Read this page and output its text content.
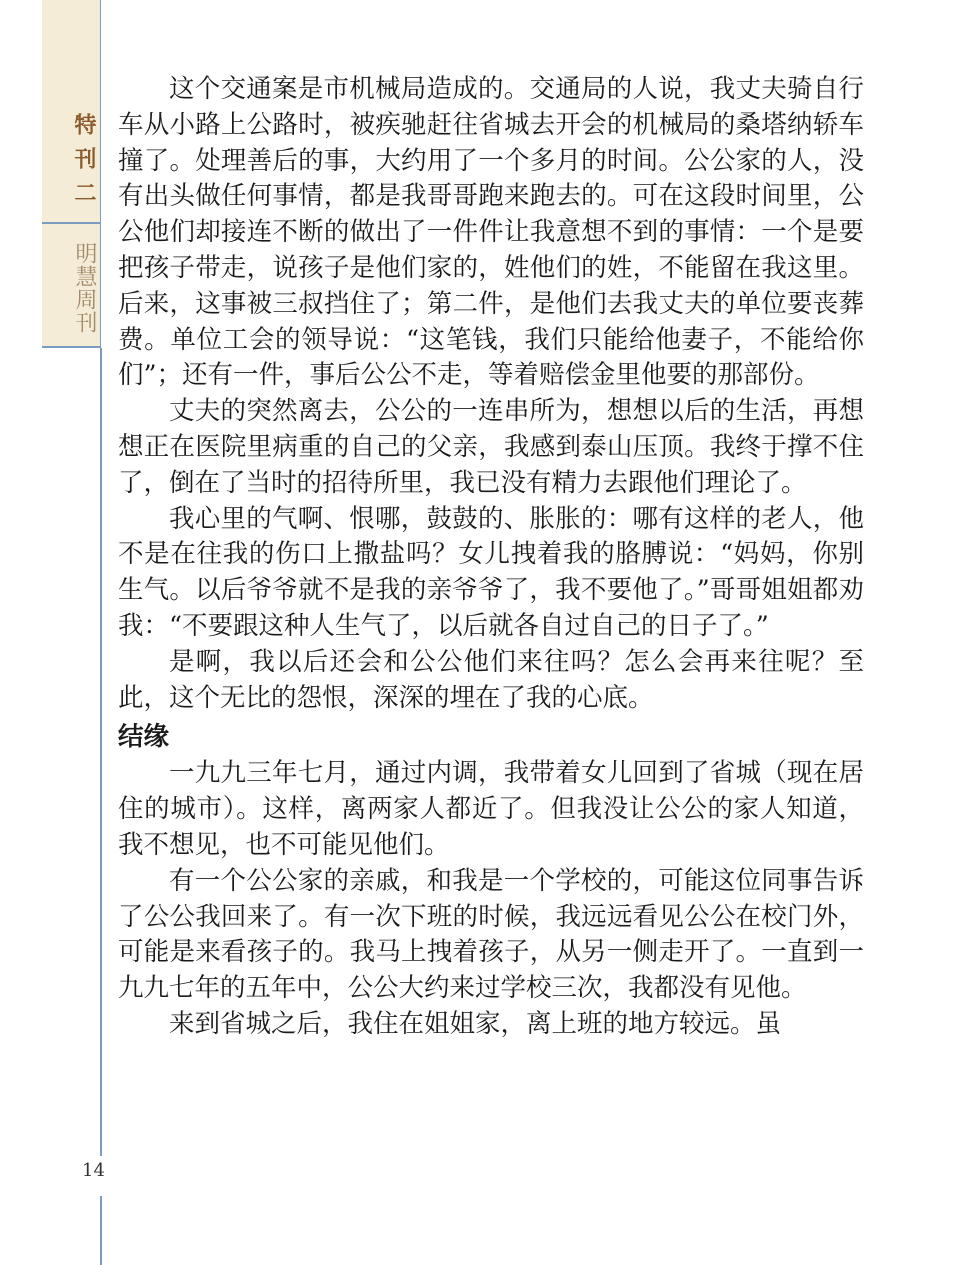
特刊二
明慧周刊
14

这个交通案是市机械局造成的。交通局的人说，我丈夫骑自行车从小路上公路时，被疾驰赶往省城去开会的机械局的桑塔纳轿车撞了。处理善后的事，大约用了一个多月的时间。公公家的人，没有出头做任何事情，都是我哥哥跑来跑去的。可在这段时间里，公公他们却接连不断的做出了一件件让我意想不到的事情：一个是要把孩子带走，说孩子是他们家的，姓他们的姓，不能留在我这里。后来，这事被三叔挡住了；第二件，是他们去我丈夫的单位要丧葬费。单位工会的领导说：“这笔钱，我们只能给他妻子，不能给你们”；还有一件，事后公公不走，等着赔偿金里他要的那部份。

丈夫的突然离去，公公的一连串所为，想想以后的生活，再想想正在医院里病重的自己的父亲，我感到泰山压顶。我终于撑不住了，倒在了当时的招待所里，我已没有精力去跟他们理论了。

我心里的气啊、恨哪，鼓鼓的、胀胀的：哪有这样的老人，他不是在往我的伤口上撒盐吗？女儿拽着我的胳膊说：“妈妈，你别生气。以后爷爷就不是我的亲爷爷了，我不要他了。”哥哥姐姐都劝我：“不要跟这种人生气了，以后就各自过自己的日子了。”

是啊，我以后还会和公公他们来往吗？怎么会再来往呢？至此，这个无比的怨恨，深深的埋在了我的心底。

结缘

一九九三年七月，通过内调，我带着女儿回到了省城（现在居住的城市）。这样，离两家人都近了。但我没让公公的家人知道，我不想见，也不可能见他们。

有一个公公家的亲戚，和我是一个学校的，可能这位同事告诉了公公我回来了。有一次下班的时候，我远远看见公公在校门外，可能是来看孩子的。我马上拽着孩子，从另一侧走开了。一直到一九九七年的五年中，公公大约来过学校三次，我都没有见他。

来到省城之后，我住在姐姐家，离上班的地方较远。虽
